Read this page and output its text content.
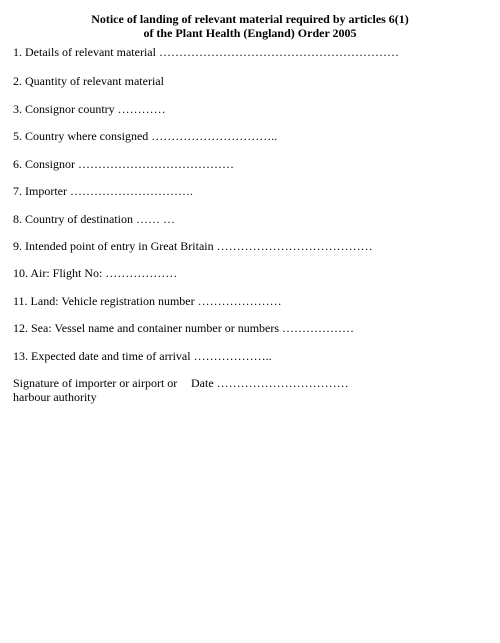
Notice of landing of relevant material required by articles 6(1)
of the Plant Health (England) Order 2005
1. Details of relevant material ……………………………………………………
2. Quantity of relevant material
3. Consignor country …………
5. Country where consigned …………………………..
6. Consignor …………………………………
7. Importer ………………………….
8. Country of destination …… …
9. Intended point of entry in Great Britain …………………………………
10. Air: Flight No: ………………
11. Land: Vehicle registration number …………………
12. Sea: Vessel name and container number or numbers ………………
13. Expected date and time of arrival ………………..
Signature of importer or airport or
harbour authority
Date ……………………………
